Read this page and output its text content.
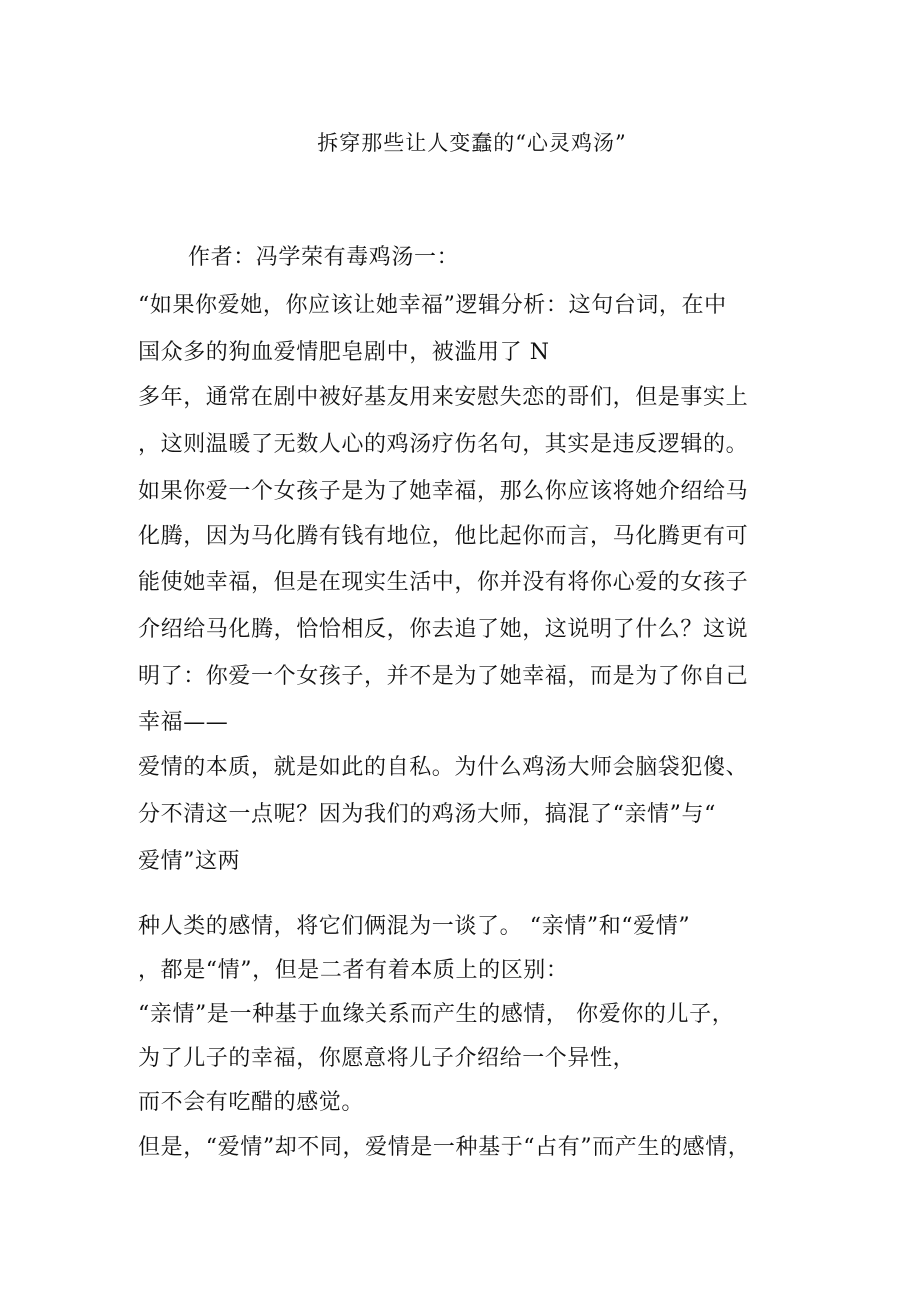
拆穿那些让人变蠢的“心灵鸡汤”
作者：冯学荣有毒鸡汤一：
“如果你爱她，你应该让她幸福”逻辑分析：这句台词，在中
国众多的狗血爱情肥皂剧中，被滥用了 N
多年，通常在剧中被好基友用来安慰失恋的哥们，但是事实上
，这则温暖了无数人心的鸡汤疗伤名句，其实是违反逻辑的。
如果你爱一个女孩子是为了她幸福，那么你应该将她介绍给马
化腾，因为马化腾有钱有地位，他比起你而言，马化腾更有可
能使她幸福，但是在现实生活中，你并没有将你心爱的女孩子
介绍给马化腾，恰恰相反，你去追了她，这说明了什么？这说
明了：你爱一个女孩子，并不是为了她幸福，而是为了你自己
幸福——
爱情的本质，就是如此的自私。为什么鸡汤大师会脑袋犯傻、
分不清这一点呢？因为我们的鸡汤大师，搞混了“亲情”与“
爱情”这两
种人类的感情，将它们俩混为一谈了。 “亲情”和“爱情”
，都是“情”，但是二者有着本质上的区别：
“亲情”是一种基于血缘关系而产生的感情， 你爱你的儿子，
为了儿子的幸福，你愿意将儿子介绍给一个异性，
而不会有吃醋的感觉。
但是，“爱情”却不同，爱情是一种基于“占有”而产生的感情，
